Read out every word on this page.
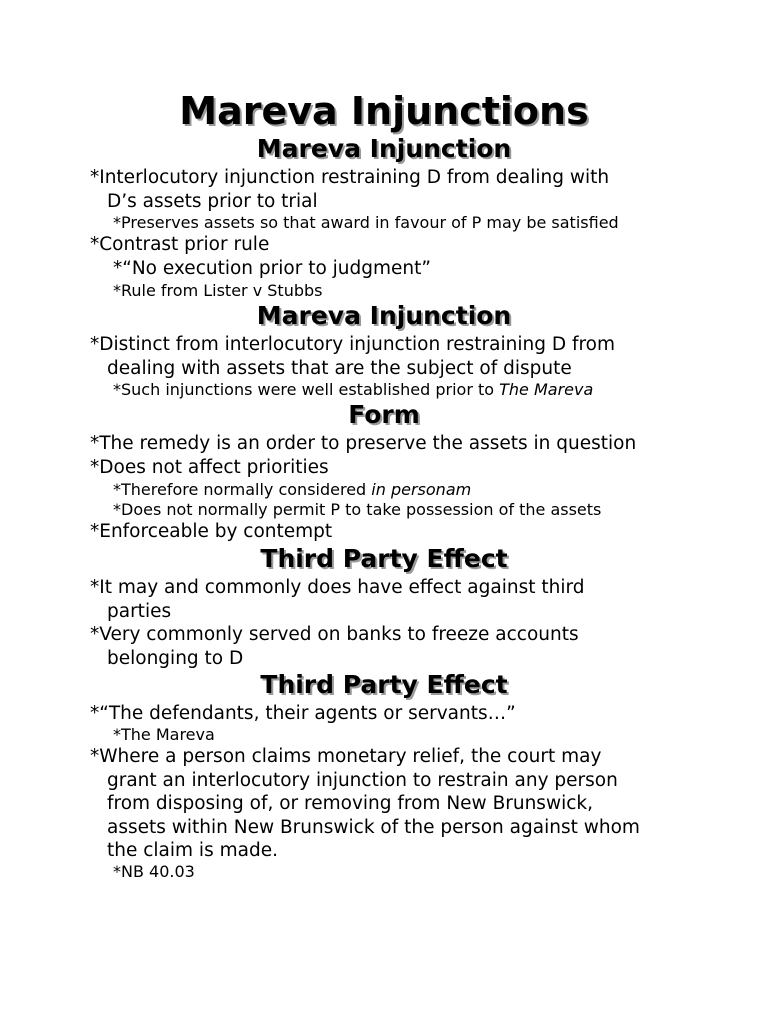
Mareva Injunctions
Mareva Injunction

*Interlocutory injunction restraining D from dealing with
D’s assets prior to trial

*Preserves assets so that award in favour of P may be satisfied

*Contrast prior rule

*“No execution prior to judgment”

*Rule from Lister v Stubbs

Mareva Injunction

*Distinct from interlocutory injunction restraining D from
dealing with assets that are the subject of dispute

*Such injunctions were well established prior to The Mareva

Form

*The remedy is an order to preserve the assets in question

*Does not affect priorities

*Therefore normally considered in personam

*Does not normally permit P to take possession of the assets

*Enforceable by contempt

Third Party Effect

*It may and commonly does have effect against third
parties

*Very commonly served on banks to freeze accounts
belonging to D

Third Party Effect

*“The defendants, their agents or servants…”

*The Mareva

*Where a person claims monetary relief, the court may
grant an interlocutory injunction to restrain any person
from disposing of, or removing from New Brunswick,
assets within New Brunswick of the person against whom
the claim is made.

*NB 40.03
